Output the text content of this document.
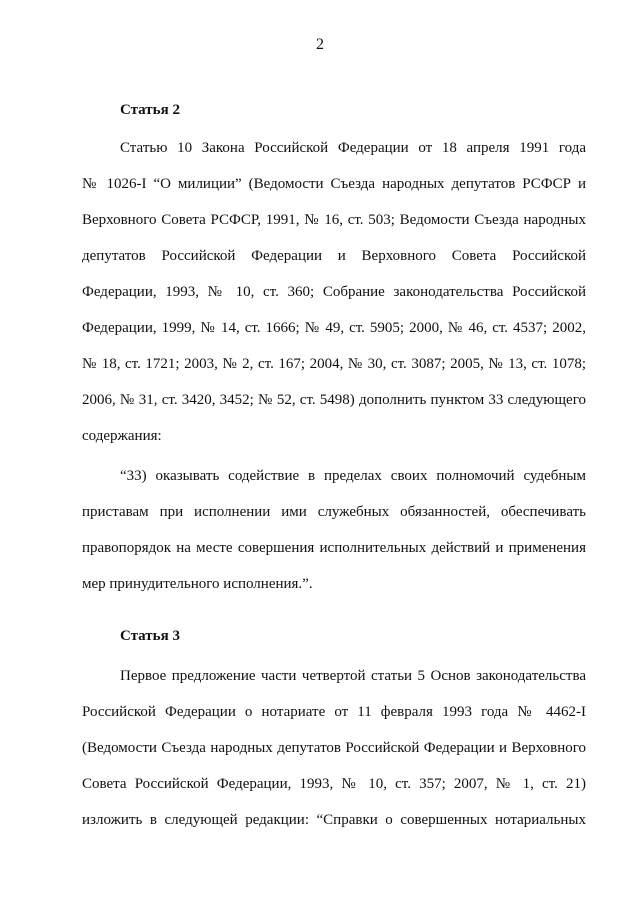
2
Статья 2
Статью 10 Закона Российской Федерации от 18 апреля 1991 года
№ 1026-I “О милиции” (Ведомости Съезда народных депутатов РСФСР и
Верховного Совета РСФСР, 1991, № 16, ст. 503; Ведомости Съезда народных
депутатов Российской Федерации и Верховного Совета Российской
Федерации, 1993, № 10, ст. 360; Собрание законодательства Российской
Федерации, 1999, № 14, ст. 1666; № 49, ст. 5905; 2000, № 46, ст. 4537; 2002,
№ 18, ст. 1721; 2003, № 2, ст. 167; 2004, № 30, ст. 3087; 2005, № 13, ст. 1078;
2006, № 31, ст. 3420, 3452; № 52, ст. 5498) дополнить пунктом 33 следующего
содержания:
“33) оказывать содействие в пределах своих полномочий судебным
приставам при исполнении ими служебных обязанностей, обеспечивать
правопорядок на месте совершения исполнительных действий и применения
мер принудительного исполнения.”.
Статья 3
Первое предложение части четвертой статьи 5 Основ законодательства
Российской Федерации о нотариате от 11 февраля 1993 года № 4462-I
(Ведомости Съезда народных депутатов Российской Федерации и Верховного
Совета Российской Федерации, 1993, № 10, ст. 357; 2007, № 1, ст. 21)
изложить в следующей редакции: “Справки о совершенных нотариальных
